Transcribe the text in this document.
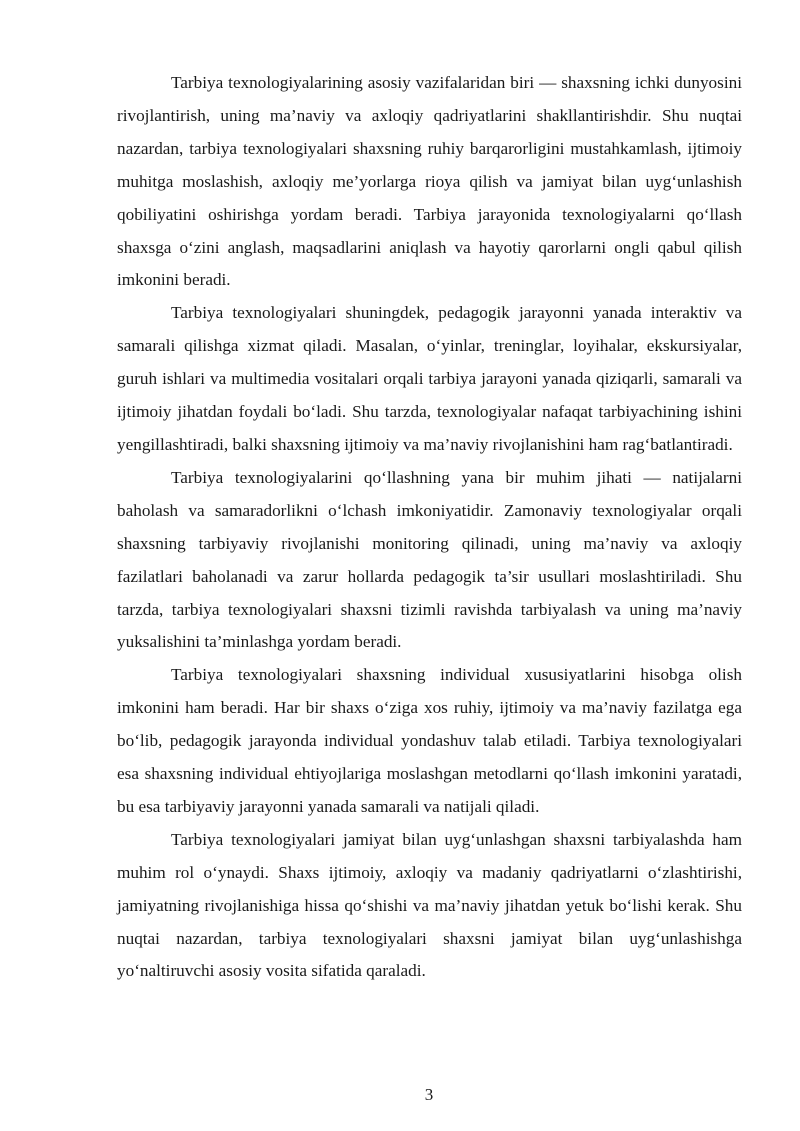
Tarbiya texnologiyalarining asosiy vazifalaridan biri — shaxsning ichki dunyosini rivojlantirish, uning ma’naviy va axloqiy qadriyatlarini shakllantirishdir. Shu nuqtai nazardan, tarbiya texnologiyalari shaxsning ruhiy barqarorligini mustahkamlash, ijtimoiy muhitga moslashish, axloqiy me’yorlarga rioya qilish va jamiyat bilan uyg‘unlashish qobiliyatini oshirishga yordam beradi. Tarbiya jarayonida texnologiyalarni qo‘llash shaxsga o‘zini anglash, maqsadlarini aniqlash va hayotiy qarorlarni ongli qabul qilish imkonini beradi.

Tarbiya texnologiyalari shuningdek, pedagogik jarayonni yanada interaktiv va samarali qilishga xizmat qiladi. Masalan, o‘yinlar, treninglar, loyihalar, ekskursiyalar, guruh ishlari va multimedia vositalari orqali tarbiya jarayoni yanada qiziqarli, samarali va ijtimoiy jihatdan foydali bo‘ladi. Shu tarzda, texnologiyalar nafaqat tarbiyachining ishini yengillashtiradi, balki shaxsning ijtimoiy va ma’naviy rivojlanishini ham rag‘batlantiradi.

Tarbiya texnologiyalarini qo‘llashning yana bir muhim jihati — natijalarni baholash va samaradorlikni o‘lchash imkoniyatidir. Zamonaviy texnologiyalar orqali shaxsning tarbiyaviy rivojlanishi monitoring qilinadi, uning ma’naviy va axloqiy fazilatlari baholanadi va zarur hollarda pedagogik ta’sir usullari moslashtiriladi. Shu tarzda, tarbiya texnologiyalari shaxsni tizimli ravishda tarbiyalash va uning ma’naviy yuksalishini ta’minlashga yordam beradi.

Tarbiya texnologiyalari shaxsning individual xususiyatlarini hisobga olish imkonini ham beradi. Har bir shaxs o‘ziga xos ruhiy, ijtimoiy va ma’naviy fazilatga ega bo‘lib, pedagogik jarayonda individual yondashuv talab etiladi. Tarbiya texnologiyalari esa shaxsning individual ehtiyojlariga moslashgan metodlarni qo‘llash imkonini yaratadi, bu esa tarbiyaviy jarayonni yanada samarali va natijali qiladi.

Tarbiya texnologiyalari jamiyat bilan uyg‘unlashgan shaxsni tarbiyalashda ham muhim rol o‘ynaydi. Shaxs ijtimoiy, axloqiy va madaniy qadriyatlarni o‘zlashtirishi, jamiyatning rivojlanishiga hissa qo‘shishi va ma’naviy jihatdan yetuk bo‘lishi kerak. Shu nuqtai nazardan, tarbiya texnologiyalari shaxsni jamiyat bilan uyg‘unlashishga yo‘naltiruvchi asosiy vosita sifatida qaraladi.

3
